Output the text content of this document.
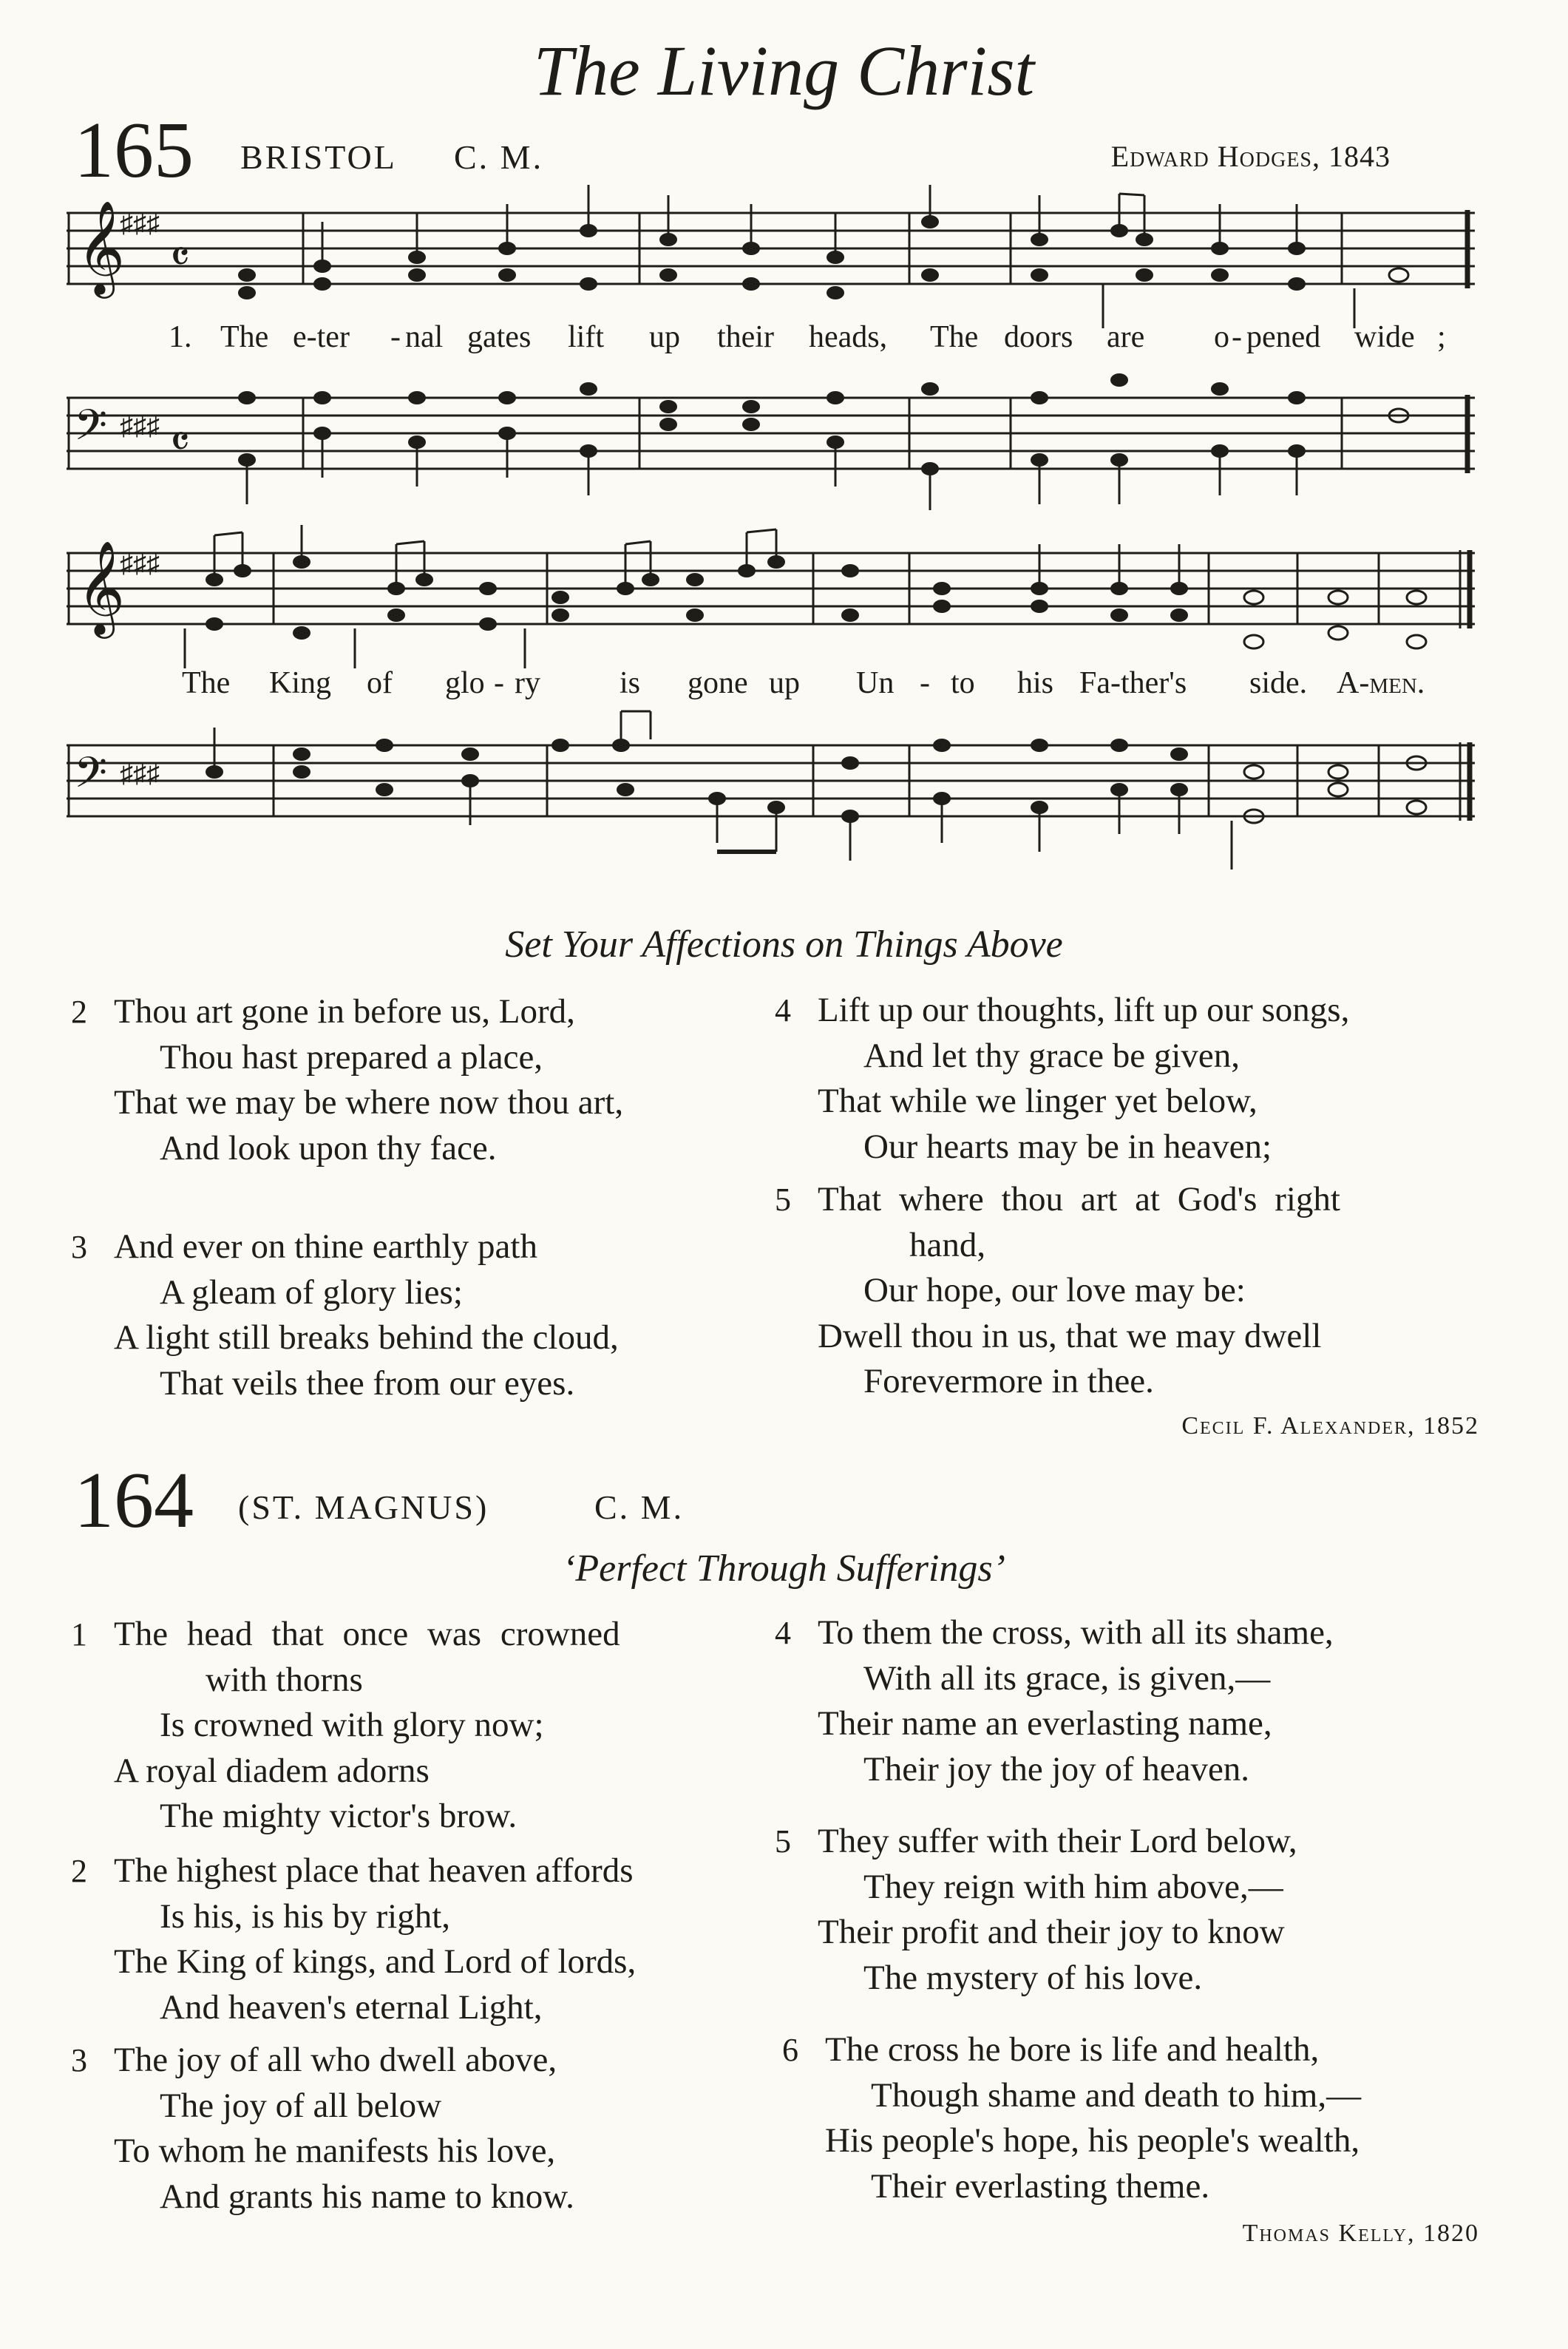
The Living Christ
165 BRISTOL C. M.	Edward Hodges, 1843
𝄞
♯♯♯
𝄴
1. The e-ter - nal gates lift up their heads, The doors are o - pened wide ;
𝄢 ♯♯♯ 𝄴
𝄞
♯♯♯
The King of glo - ry	is gone up Un - to his Fa-ther's side. A-men.
𝄢 ♯♯♯
Set Your Affections on Things Above
2 Thou art gone in before us, Lord,
Thou hast prepared a place,
That we may be where now thou art,
And look upon thy face.
3 And ever on thine earthly path
A gleam of glory lies;
A light still breaks behind the cloud,
That veils thee from our eyes.
4 Lift up our thoughts, lift up our songs,
And let thy grace be given,
That while we linger yet below,
Our hearts may be in heaven;
5 That where thou art at God's right
hand,
Our hope, our love may be:
Dwell thou in us, that we may dwell
Forevermore in thee.
Cecil F. Alexander, 1852
164 (ST. MAGNUS)	C. M.
‘Perfect Through Sufferings’
1 The head that once was crowned
with thorns
Is crowned with glory now;
A royal diadem adorns
The mighty victor's brow.
2 The highest place that heaven affords
Is his, is his by right,
The King of kings, and Lord of lords,
And heaven's eternal Light,
3 The joy of all who dwell above,
The joy of all below
To whom he manifests his love,
And grants his name to know.
4 To them the cross, with all its shame,
With all its grace, is given,—
Their name an everlasting name,
Their joy the joy of heaven.
5 They suffer with their Lord below,
They reign with him above,—
Their profit and their joy to know
The mystery of his love.
6 The cross he bore is life and health,
Though shame and death to him,—
His people's hope, his people's wealth,
Their everlasting theme.
Thomas Kelly, 1820
